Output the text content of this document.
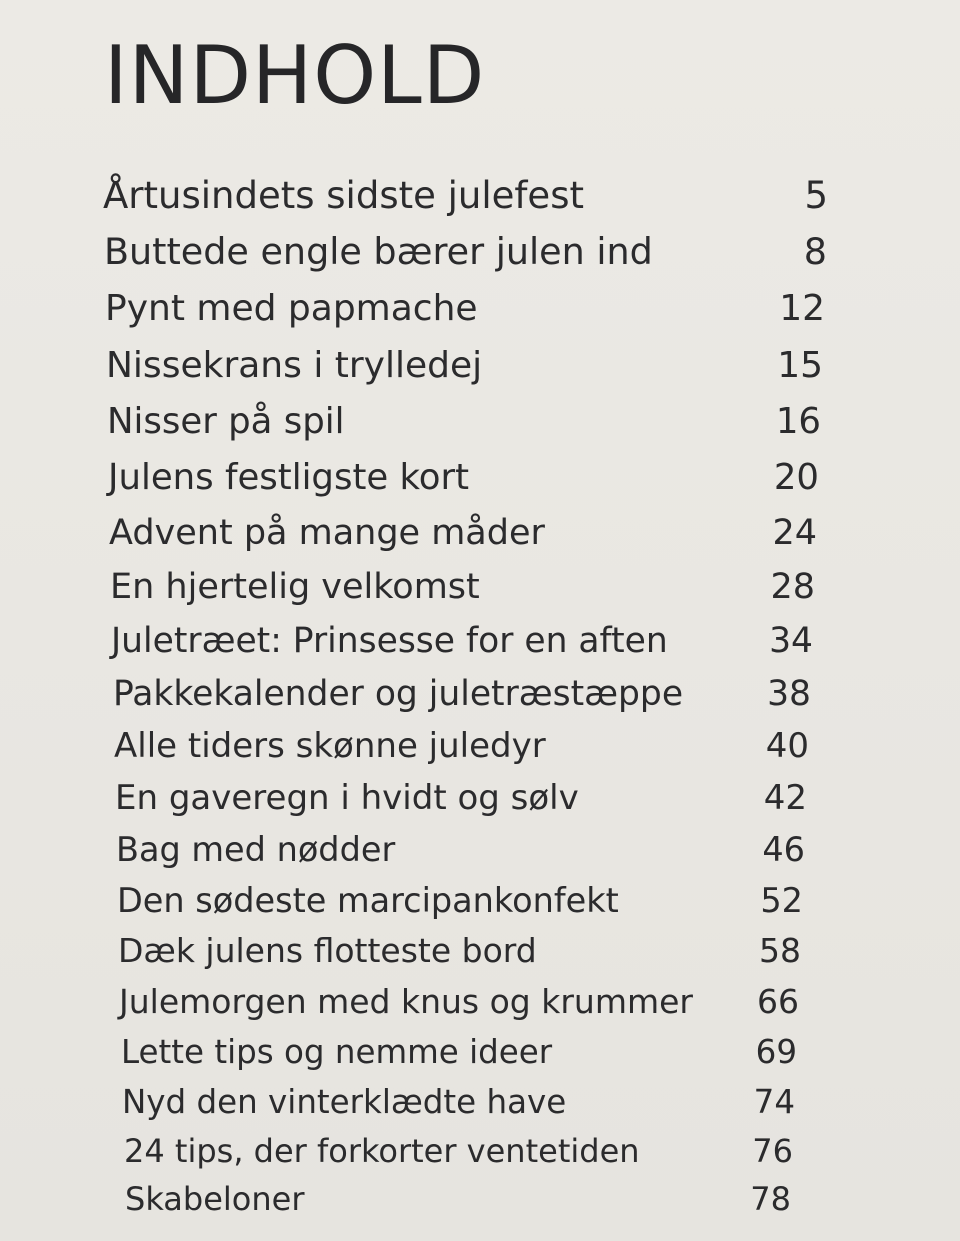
INDHOLD
Årtusindets sidste julefest	5
Buttede engle bærer julen ind	8
Pynt med papmache	12
Nissekrans i trylledej	15
Nisser på spil	16
Julens festligste kort	20
Advent på mange måder	24
En hjertelig velkomst	28
Juletræet: Prinsesse for en aften	34
Pakkekalender og juletræstæppe	38
Alle tiders skønne juledyr	40
En gaveregn i hvidt og sølv	42
Bag med nødder	46
Den sødeste marcipankonfekt	52
Dæk julens flotteste bord	58
Julemorgen med knus og krummer	66
Lette tips og nemme ideer	69
Nyd den vinterklædte have	74
24 tips, der forkorter ventetiden	76
Skabeloner	78
